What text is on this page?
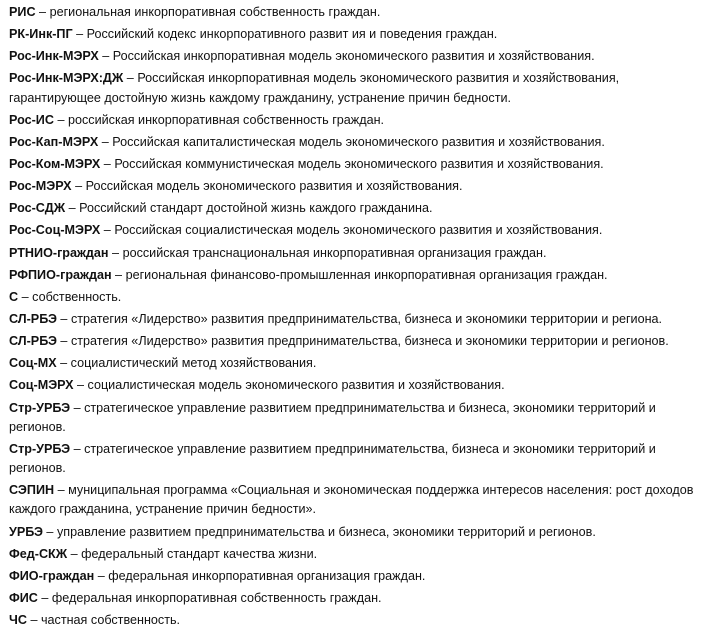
РИС – региональная инкорпоративная собственность граждан.
РК-Инк-ПГ – Российский кодекс инкорпоративного развит ия и поведения граждан.
Рос-Инк-МЭРХ – Российская инкорпоративная модель экономического развития и хозяйствования.
Рос-Инк-МЭРХ:ДЖ – Российская инкорпоративная модель экономического развития и хозяйствования, гарантирующее достойную жизнь каждому гражданину, устранение причин бедности.
Рос-ИС – российская инкорпоративная собственность граждан.
Рос-Кап-МЭРХ – Российская капиталистическая модель экономического развития и хозяйствования.
Рос-Ком-МЭРХ – Российская коммунистическая модель экономического развития и хозяйствования.
Рос-МЭРХ – Российская модель экономического развития и хозяйствования.
Рос-СДЖ – Российский стандарт достойной жизнь каждого гражданина.
Рос-Соц-МЭРХ – Российская социалистическая модель экономического развития и хозяйствования.
РТНИО-граждан – российская транснациональная инкорпоративная организация граждан.
РФПИО-граждан – региональная финансово-промышленная инкорпоративная организация граждан.
С – собственность.
СЛ-РБЭ – стратегия «Лидерство» развития предпринимательства, бизнеса и экономики территории и региона.
СЛ-РБЭ – стратегия «Лидерство» развития предпринимательства, бизнеса и экономики территории и регионов.
Соц-МХ – социалистический метод хозяйствования.
Соц-МЭРХ – социалистическая модель экономического развития и хозяйствования.
Стр-УРБЭ – стратегическое управление развитием предпринимательства и бизнеса, экономики территорий и регионов.
Стр-УРБЭ – стратегическое управление развитием предпринимательства, бизнеса и экономики территорий и регионов.
СЭПИН – муниципальная программа «Социальная и экономическая поддержка интересов населения: рост доходов каждого гражданина, устранение причин бедности».
УРБЭ – управление развитием предпринимательства и бизнеса, экономики территорий и регионов.
Фед-СКЖ – федеральный стандарт качества жизни.
ФИО-граждан – федеральная инкорпоративная организация граждан.
ФИС – федеральная инкорпоративная собственность граждан.
ЧС – частная собственность.
